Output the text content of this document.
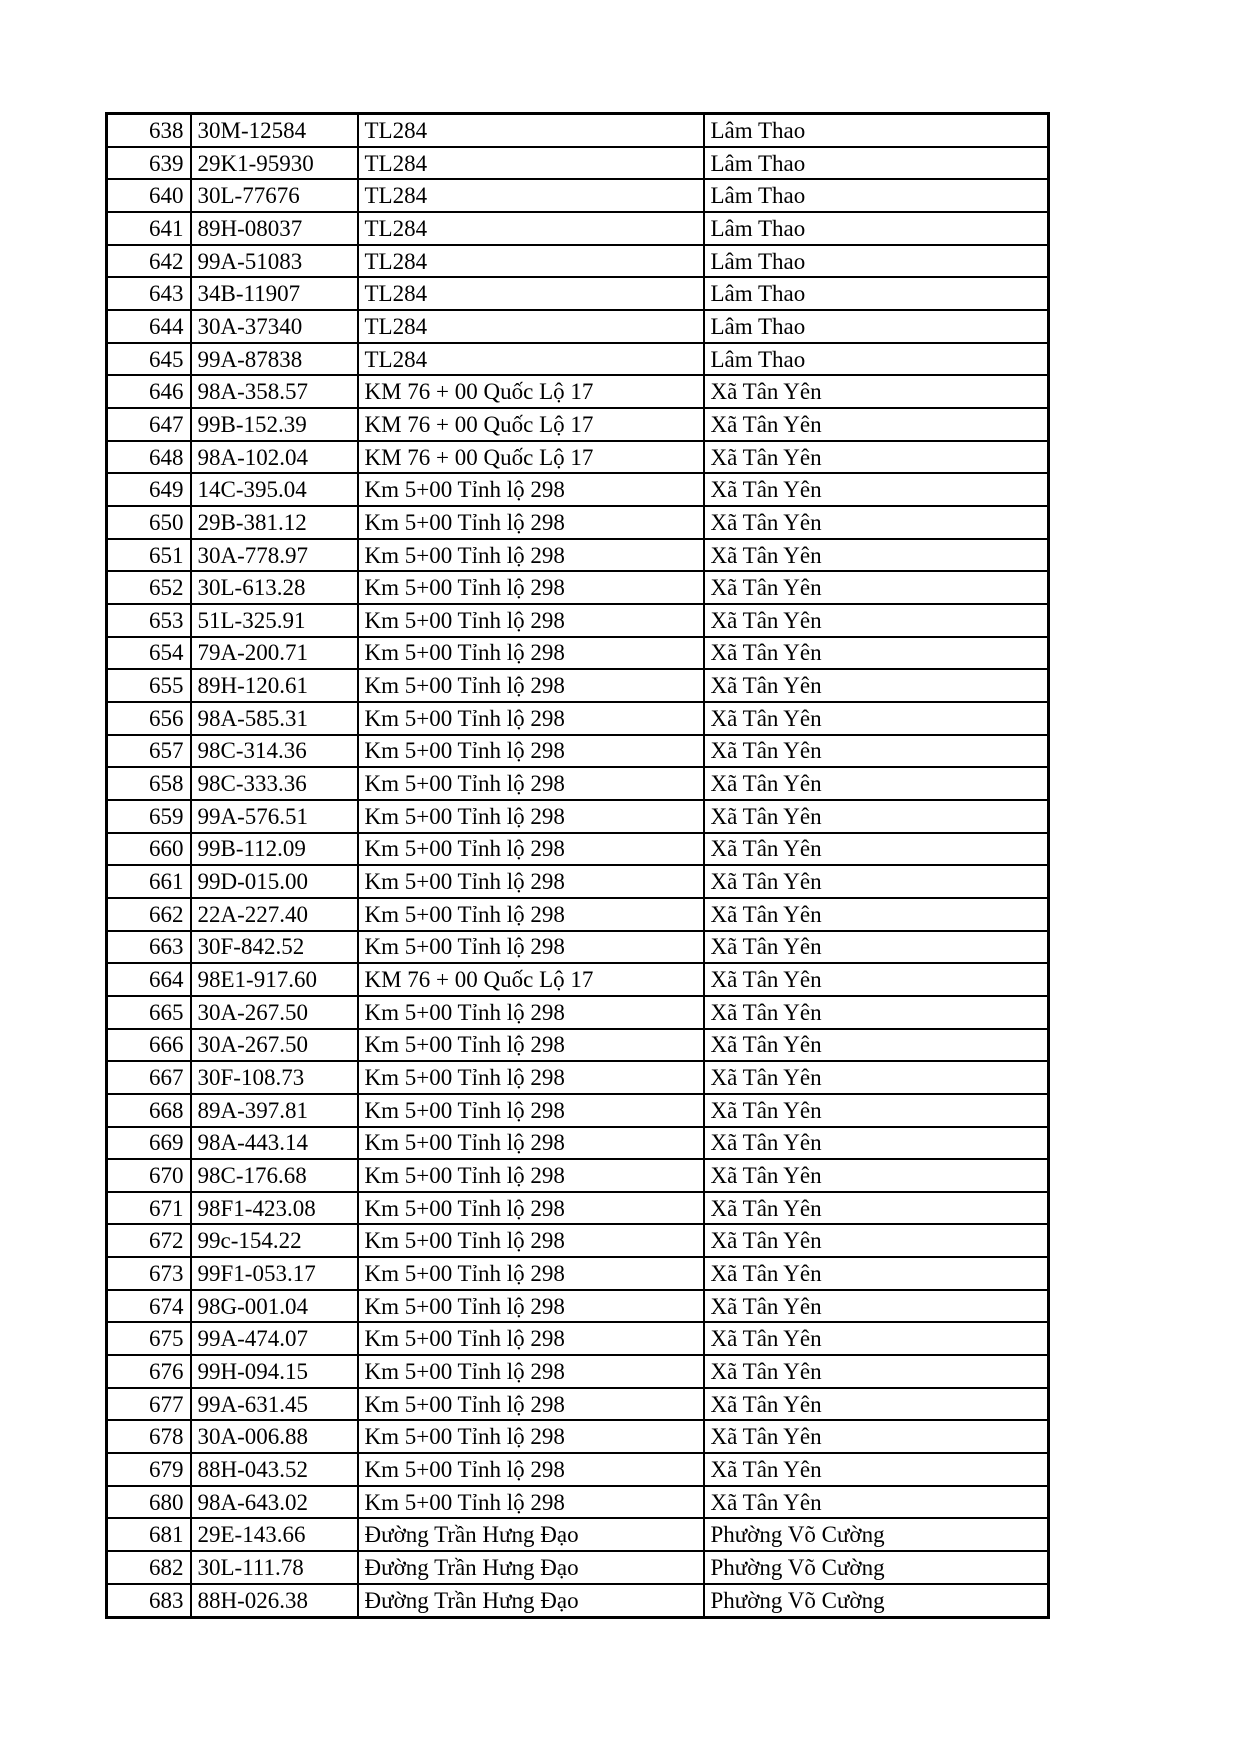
638	30M-12584	TL284	Lâm Thao
639	29K1-95930	TL284	Lâm Thao
640	30L-77676	TL284	Lâm Thao
641	89H-08037	TL284	Lâm Thao
642	99A-51083	TL284	Lâm Thao
643	34B-11907	TL284	Lâm Thao
644	30A-37340	TL284	Lâm Thao
645	99A-87838	TL284	Lâm Thao
646	98A-358.57	KM 76 + 00 Quốc Lộ 17	Xã Tân Yên
647	99B-152.39	KM 76 + 00 Quốc Lộ 17	Xã Tân Yên
648	98A-102.04	KM 76 + 00 Quốc Lộ 17	Xã Tân Yên
649	14C-395.04	Km 5+00 Tỉnh lộ 298	Xã Tân Yên
650	29B-381.12	Km 5+00 Tỉnh lộ 298	Xã Tân Yên
651	30A-778.97	Km 5+00 Tỉnh lộ 298	Xã Tân Yên
652	30L-613.28	Km 5+00 Tỉnh lộ 298	Xã Tân Yên
653	51L-325.91	Km 5+00 Tỉnh lộ 298	Xã Tân Yên
654	79A-200.71	Km 5+00 Tỉnh lộ 298	Xã Tân Yên
655	89H-120.61	Km 5+00 Tỉnh lộ 298	Xã Tân Yên
656	98A-585.31	Km 5+00 Tỉnh lộ 298	Xã Tân Yên
657	98C-314.36	Km 5+00 Tỉnh lộ 298	Xã Tân Yên
658	98C-333.36	Km 5+00 Tỉnh lộ 298	Xã Tân Yên
659	99A-576.51	Km 5+00 Tỉnh lộ 298	Xã Tân Yên
660	99B-112.09	Km 5+00 Tỉnh lộ 298	Xã Tân Yên
661	99D-015.00	Km 5+00 Tỉnh lộ 298	Xã Tân Yên
662	22A-227.40	Km 5+00 Tỉnh lộ 298	Xã Tân Yên
663	30F-842.52	Km 5+00 Tỉnh lộ 298	Xã Tân Yên
664	98E1-917.60	KM 76 + 00 Quốc Lộ 17	Xã Tân Yên
665	30A-267.50	Km 5+00 Tỉnh lộ 298	Xã Tân Yên
666	30A-267.50	Km 5+00 Tỉnh lộ 298	Xã Tân Yên
667	30F-108.73	Km 5+00 Tỉnh lộ 298	Xã Tân Yên
668	89A-397.81	Km 5+00 Tỉnh lộ 298	Xã Tân Yên
669	98A-443.14	Km 5+00 Tỉnh lộ 298	Xã Tân Yên
670	98C-176.68	Km 5+00 Tỉnh lộ 298	Xã Tân Yên
671	98F1-423.08	Km 5+00 Tỉnh lộ 298	Xã Tân Yên
672	99c-154.22	Km 5+00 Tỉnh lộ 298	Xã Tân Yên
673	99F1-053.17	Km 5+00 Tỉnh lộ 298	Xã Tân Yên
674	98G-001.04	Km 5+00 Tỉnh lộ 298	Xã Tân Yên
675	99A-474.07	Km 5+00 Tỉnh lộ 298	Xã Tân Yên
676	99H-094.15	Km 5+00 Tỉnh lộ 298	Xã Tân Yên
677	99A-631.45	Km 5+00 Tỉnh lộ 298	Xã Tân Yên
678	30A-006.88	Km 5+00 Tỉnh lộ 298	Xã Tân Yên
679	88H-043.52	Km 5+00 Tỉnh lộ 298	Xã Tân Yên
680	98A-643.02	Km 5+00 Tỉnh lộ 298	Xã Tân Yên
681	29E-143.66	Đường Trần Hưng Đạo	Phường Võ Cường
682	30L-111.78	Đường Trần Hưng Đạo	Phường Võ Cường
683	88H-026.38	Đường Trần Hưng Đạo	Phường Võ Cường
